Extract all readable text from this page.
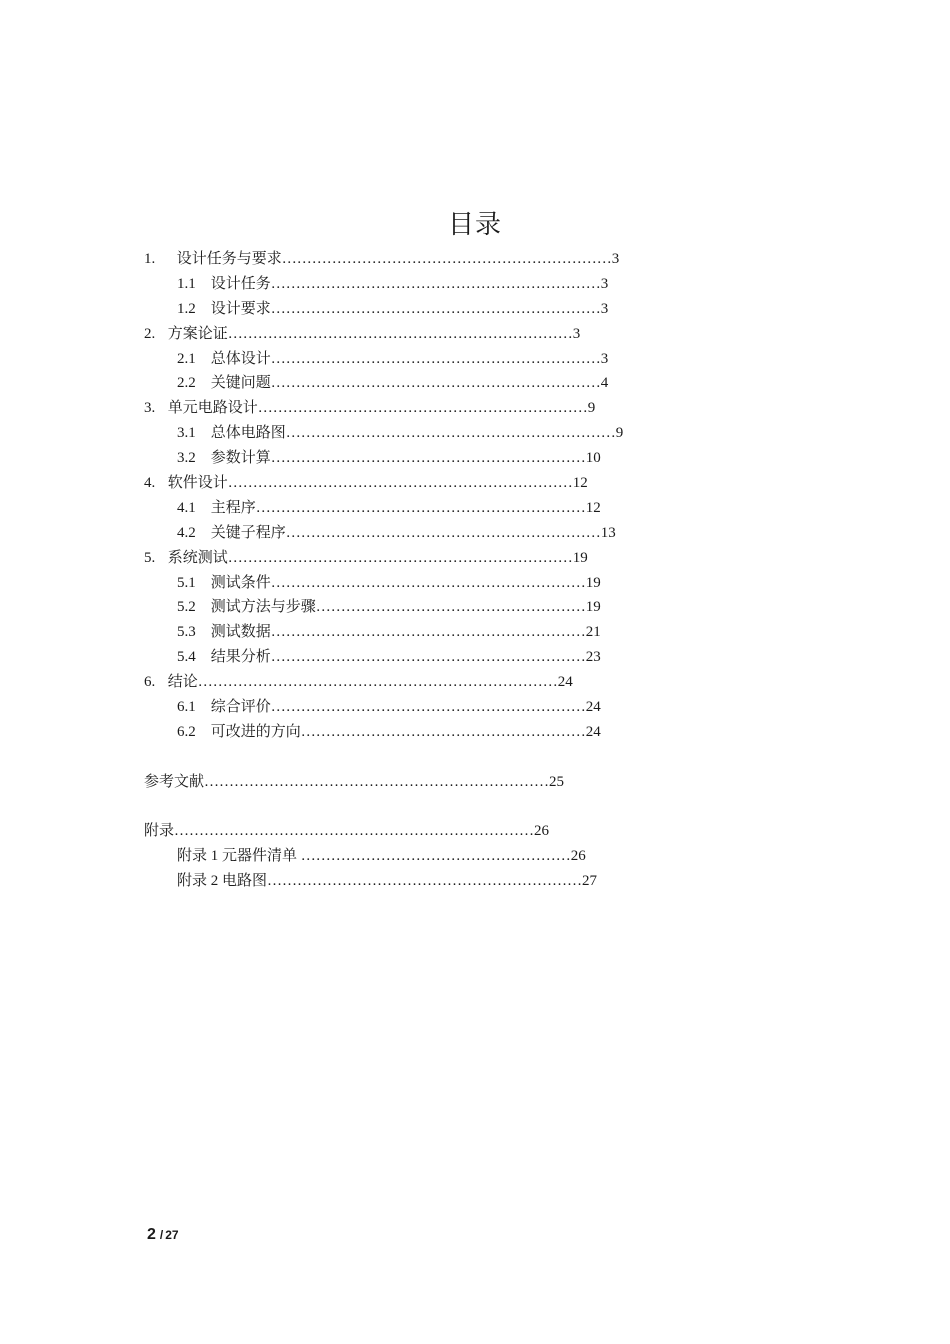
目录
1. 设计任务与要求…………………………………………………………3
1.1 设计任务…………………………………………………………3
1.2 设计要求…………………………………………………………3
2. 方案论证……………………………………………………………3
2.1 总体设计…………………………………………………………3
2.2 关键问题…………………………………………………………4
3. 单元电路设计…………………………………………………………9
3.1 总体电路图…………………………………………………………9
3.2 参数计算………………………………………………………10
4. 软件设计……………………………………………………………12
4.1 主程序…………………………………………………………12
4.2 关键子程序………………………………………………………13
5. 系统测试……………………………………………………………19
5.1 测试条件………………………………………………………19
5.2 测试方法与步骤………………………………………………19
5.3 测试数据………………………………………………………21
5.4 结果分析………………………………………………………23
6. 结论………………………………………………………………24
6.1 综合评价………………………………………………………24
6.2 可改进的方向…………………………………………………24
参考文献……………………………………………………………25
附录………………………………………………………………26
附录 1 元器件清单 ………………………………………………26
附录 2 电路图………………………………………………………27
2 / 27
